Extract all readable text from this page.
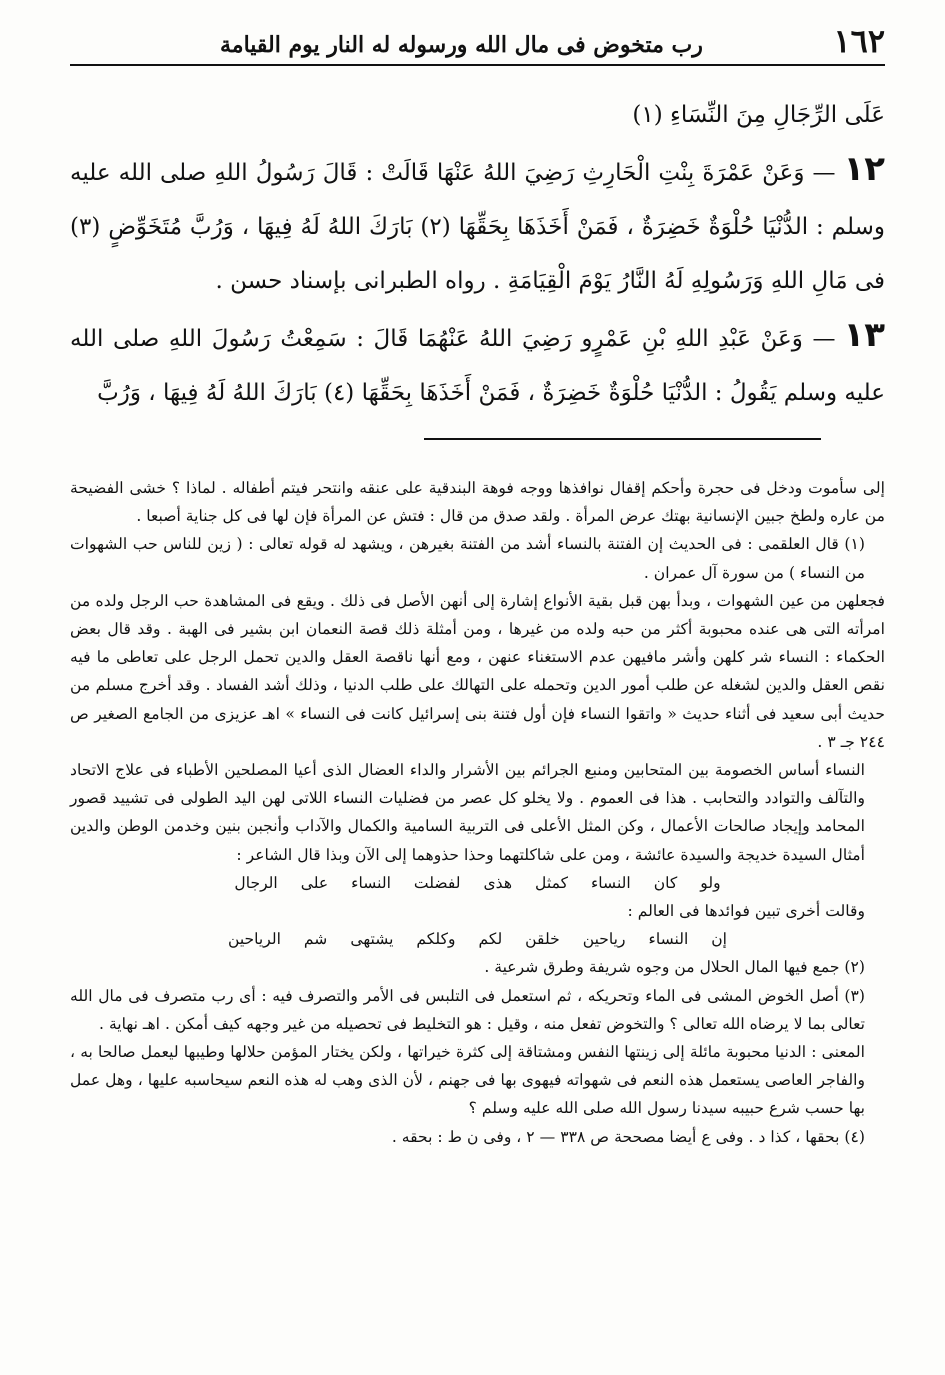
١٦٢
رب متخوض فى مال الله ورسوله له النار يوم القيامة

عَلَى الرِّجَالِ مِنَ النِّسَاءِ (١)

١٢— وَعَنْ عَمْرَةَ بِنْتِ الْحَارِثِ رَضِيَ اللهُ عَنْهَا قَالَتْ : قَالَ رَسُولُ اللهِ صلى الله عليه وسلم : الدُّنْيَا حُلْوَةٌ خَضِرَةٌ ، فَمَنْ أَخَذَهَا بِحَقِّهَا (٢) بَارَكَ اللهُ لَهُ فِيهَا ، وَرُبَّ مُتَخَوِّضٍ (٣) فى مَالِ اللهِ وَرَسُولِهِ لَهُ النَّارُ يَوْمَ الْقِيَامَةِ . رواه الطبرانى بإسناد حسن .

١٣— وَعَنْ عَبْدِ اللهِ بْنِ عَمْرٍو رَضِيَ اللهُ عَنْهُمَا قَالَ : سَمِعْتُ رَسُولَ اللهِ صلى الله عليه وسلم يَقُولُ : الدُّنْيَا حُلْوَةٌ خَضِرَةٌ ، فَمَنْ أَخَذَهَا بِحَقِّهَا (٤) بَارَكَ اللهُ لَهُ فِيهَا ، وَرُبَّ

إلى سأموت ودخل فى حجرة وأحكم إقفال نوافذها ووجه فوهة البندقية على عنقه وانتحر فيتم أطفاله . لماذا ؟ خشى الفضيحة من عاره ولطخ جبين الإنسانية بهتك عرض المرأة . ولقد صدق من قال : فتش عن المرأة فإن لها فى كل جناية أصبعا .

(١) قال العلقمى : فى الحديث إن الفتنة بالنساء أشد من الفتنة بغيرهن ، ويشهد له قوله تعالى : ( زين للناس حب الشهوات من النساء ) من سورة آل عمران .

فجعلهن من عين الشهوات ، وبدأ بهن قبل بقية الأنواع إشارة إلى أنهن الأصل فى ذلك . ويقع فى المشاهدة حب الرجل ولده من امرأته التى هى عنده محبوبة أكثر من حبه ولده من غيرها ، ومن أمثلة ذلك قصة النعمان ابن بشير فى الهبة . وقد قال بعض الحكماء : النساء شر كلهن وأشر مافيهن عدم الاستغناء عنهن ، ومع أنها ناقصة العقل والدين تحمل الرجل على تعاطى ما فيه نقص العقل والدين لشغله عن طلب أمور الدين وتحمله على التهالك على طلب الدنيا ، وذلك أشد الفساد . وقد أخرج مسلم من حديث أبى سعيد فى أثناء حديث « واتقوا النساء فإن أول فتنة بنى إسرائيل كانت فى النساء » اهـ عزيزى من الجامع الصغير ص ٢٤٤ جـ ٣ .

النساء أساس الخصومة بين المتحابين ومنبع الجرائم بين الأشرار والداء العضال الذى أعيا المصلحين الأطباء فى علاج الاتحاد والتآلف والتوادد والتحابب . هذا فى العموم . ولا يخلو كل عصر من فضليات النساء اللاتى لهن اليد الطولى فى تشييد قصور المحامد وإيجاد صالحات الأعمال ، وكن المثل الأعلى فى التربية السامية والكمال والآداب وأنجبن بنين وخدمن الوطن والدين أمثال السيدة خديجة والسيدة عائشة ، ومن على شاكلتهما وحذا حذوهما إلى الآن وبذا قال الشاعر :

ولو كان النساء كمثل هذى لفضلت النساء على الرجال

وقالت أخرى تبين فوائدها فى العالم :

إن النساء رياحين خلقن لكم وكلكم يشتهى شم الرياحين

(٢) جمع فيها المال الحلال من وجوه شريفة وطرق شرعية .

(٣) أصل الخوض المشى فى الماء وتحريكه ، ثم استعمل فى التلبس فى الأمر والتصرف فيه : أى رب متصرف فى مال الله تعالى بما لا يرضاه الله تعالى ؟ والتخوض تفعل منه ، وقيل : هو التخليط فى تحصيله من غير وجهه كيف أمكن . اهـ نهاية .

المعنى : الدنيا محبوبة مائلة إلى زينتها النفس ومشتاقة إلى كثرة خيراتها ، ولكن يختار المؤمن حلالها وطيبها ليعمل صالحا به ، والفاجر العاصى يستعمل هذه النعم فى شهواته فيهوى بها فى جهنم ، لأن الذى وهب له هذه النعم سيحاسبه عليها ، وهل عمل بها حسب شرع حبيبه سيدنا رسول الله صلى الله عليه وسلم ؟

(٤) بحقها ، كذا د . وفى ع أيضا مصححة ص ٣٣٨ — ٢ ، وفى ن ط : بحقه .
